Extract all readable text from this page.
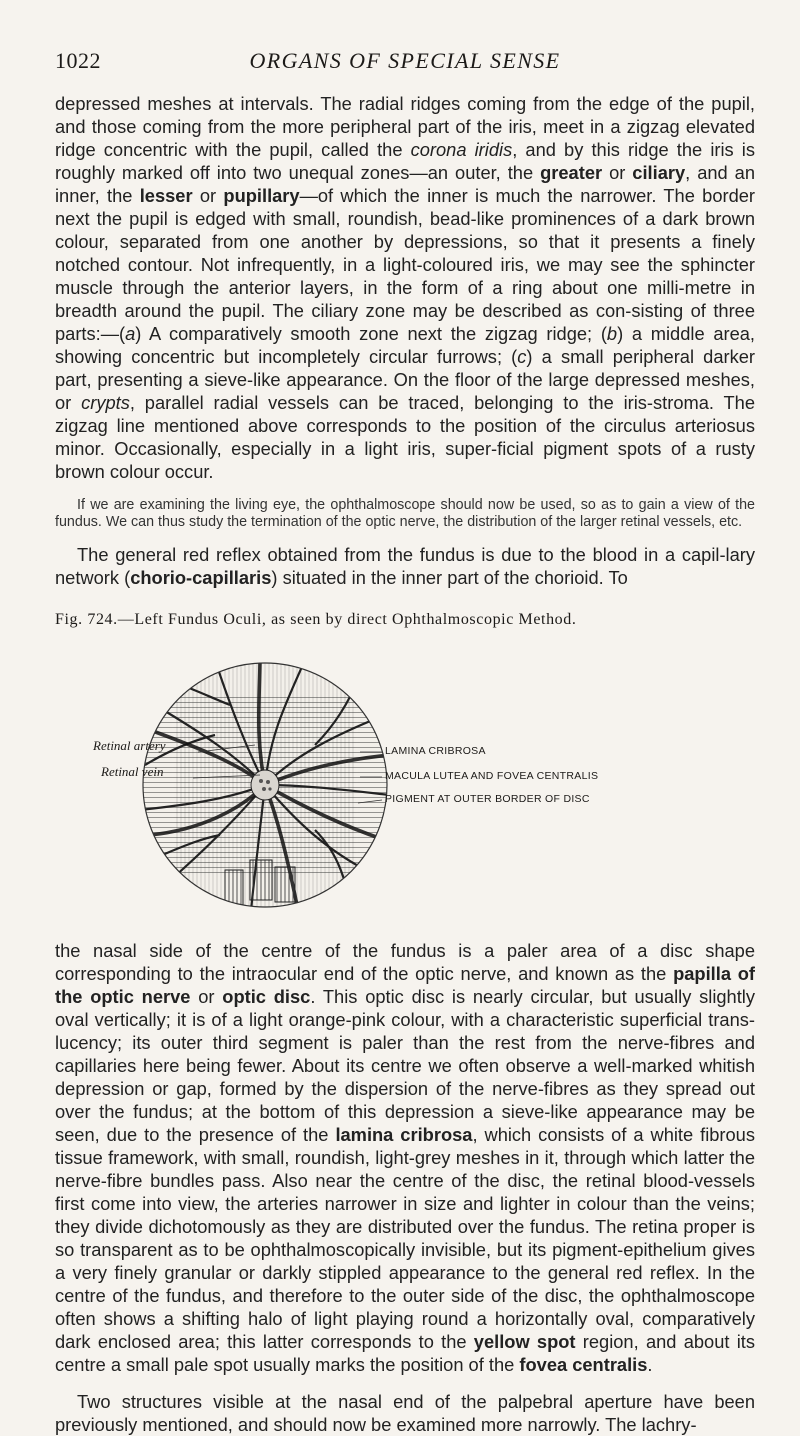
1022	ORGANS OF SPECIAL SENSE

depressed meshes at intervals. The radial ridges coming from the edge of the pupil, and those coming from the more peripheral part of the iris, meet in a zigzag elevated ridge concentric with the pupil, called the corona iridis, and by this ridge the iris is roughly marked off into two unequal zones—an outer, the greater or ciliary, and an inner, the lesser or pupillary—of which the inner is much the narrower. The border next the pupil is edged with small, roundish, bead-like prominences of a dark brown colour, separated from one another by depressions, so that it presents a finely notched contour. Not infrequently, in a light-coloured iris, we may see the sphincter muscle through the anterior layers, in the form of a ring about one milli-metre in breadth around the pupil. The ciliary zone may be described as con-sisting of three parts:—(a) A comparatively smooth zone next the zigzag ridge; (b) a middle area, showing concentric but incompletely circular furrows; (c) a small peripheral darker part, presenting a sieve-like appearance. On the floor of the large depressed meshes, or crypts, parallel radial vessels can be traced, belonging to the iris-stroma. The zigzag line mentioned above corresponds to the position of the circulus arteriosus minor. Occasionally, especially in a light iris, super-ficial pigment spots of a rusty brown colour occur.

If we are examining the living eye, the ophthalmoscope should now be used, so as to gain a view of the fundus. We can thus study the termination of the optic nerve, the distribution of the larger retinal vessels, etc.

The general red reflex obtained from the fundus is due to the blood in a capil-lary network (chorio-capillaris) situated in the inner part of the chorioid. To

Fig. 724.—Left Fundus Oculi, as seen by direct Ophthalmoscopic Method.
Retinal artery
Retinal vein
LAMINA CRIBROSA
MACULA LUTEA AND FOVEA CENTRALIS
PIGMENT AT OUTER BORDER OF DISC

the nasal side of the centre of the fundus is a paler area of a disc shape corresponding to the intraocular end of the optic nerve, and known as the papilla of the optic nerve or optic disc. This optic disc is nearly circular, but usually slightly oval vertically; it is of a light orange-pink colour, with a characteristic superficial trans-lucency; its outer third segment is paler than the rest from the nerve-fibres and capillaries here being fewer. About its centre we often observe a well-marked whitish depression or gap, formed by the dispersion of the nerve-fibres as they spread out over the fundus; at the bottom of this depression a sieve-like appearance may be seen, due to the presence of the lamina cribrosa, which consists of a white fibrous tissue framework, with small, roundish, light-grey meshes in it, through which latter the nerve-fibre bundles pass. Also near the centre of the disc, the retinal blood-vessels first come into view, the arteries narrower in size and lighter in colour than the veins; they divide dichotomously as they are distributed over the fundus. The retina proper is so transparent as to be ophthalmoscopically invisible, but its pigment-epithelium gives a very finely granular or darkly stippled appearance to the general red reflex. In the centre of the fundus, and therefore to the outer side of the disc, the ophthalmoscope often shows a shifting halo of light playing round a horizontally oval, comparatively dark enclosed area; this latter corresponds to the yellow spot region, and about its centre a small pale spot usually marks the position of the fovea centralis.

Two structures visible at the nasal end of the palpebral aperture have been previously mentioned, and should now be examined more narrowly. The lachry-
